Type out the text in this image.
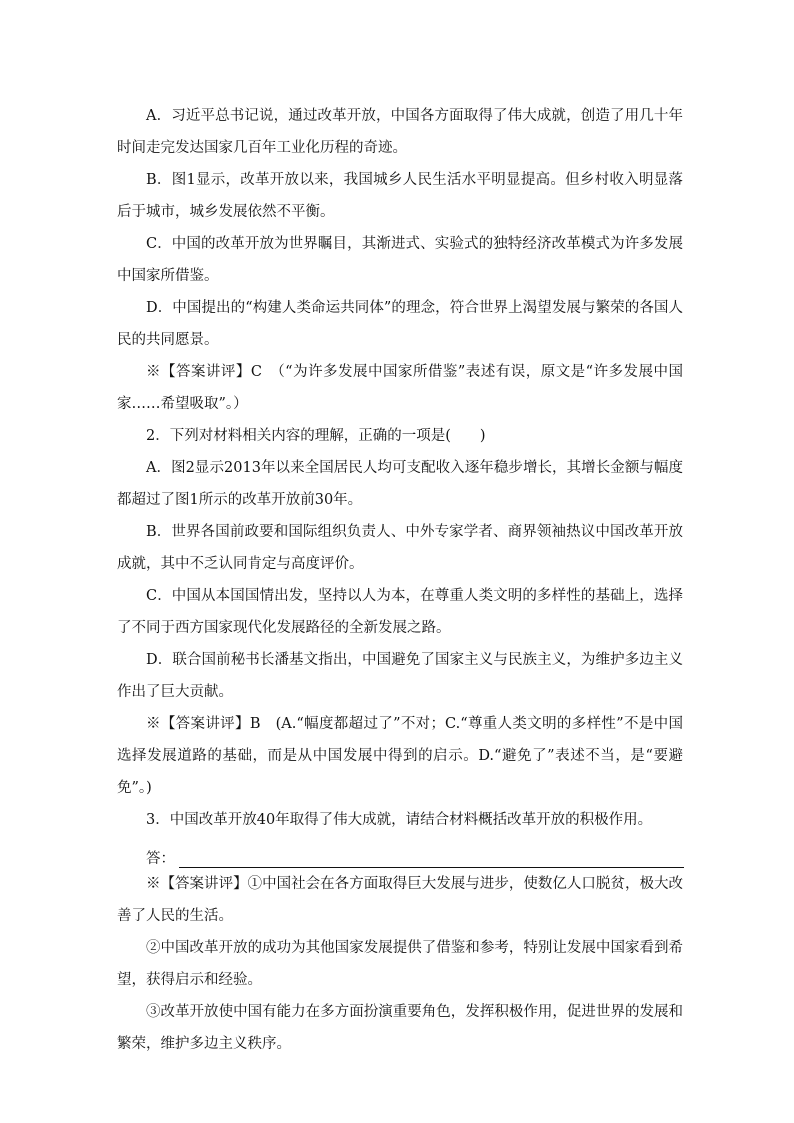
A．习近平总书记说，通过改革开放，中国各方面取得了伟大成就，创造了用几十年时间走完发达国家几百年工业化历程的奇迹。

B．图1显示，改革开放以来，我国城乡人民生活水平明显提高。但乡村收入明显落后于城市，城乡发展依然不平衡。

C．中国的改革开放为世界瞩目，其渐进式、实验式的独特经济改革模式为许多发展中国家所借鉴。

D．中国提出的“构建人类命运共同体”的理念，符合世界上渴望发展与繁荣的各国人民的共同愿景。

※【答案讲评】C　（“为许多发展中国家所借鉴”表述有误，原文是“许多发展中国家……希望吸取”。）

2．下列对材料相关内容的理解，正确的一项是(　　)

A．图2显示2013年以来全国居民人均可支配收入逐年稳步增长，其增长金额与幅度都超过了图1所示的改革开放前30年。

B．世界各国前政要和国际组织负责人、中外专家学者、商界领袖热议中国改革开放成就，其中不乏认同肯定与高度评价。

C．中国从本国国情出发，坚持以人为本，在尊重人类文明的多样性的基础上，选择了不同于西方国家现代化发展路径的全新发展之路。

D．联合国前秘书长潘基文指出，中国避免了国家主义与民族主义，为维护多边主义作出了巨大贡献。

※【答案讲评】B　(A.“幅度都超过了”不对；C.“尊重人类文明的多样性”不是中国选择发展道路的基础，而是从中国发展中得到的启示。D.“避免了”表述不当，是“要避免”。)

3．中国改革开放40年取得了伟大成就，请结合材料概括改革开放的积极作用。

答：

※【答案讲评】①中国社会在各方面取得巨大发展与进步，使数亿人口脱贫，极大改善了人民的生活。

②中国改革开放的成功为其他国家发展提供了借鉴和参考，特别让发展中国家看到希望，获得启示和经验。

③改革开放使中国有能力在多方面扮演重要角色，发挥积极作用，促进世界的发展和繁荣，维护多边主义秩序。
